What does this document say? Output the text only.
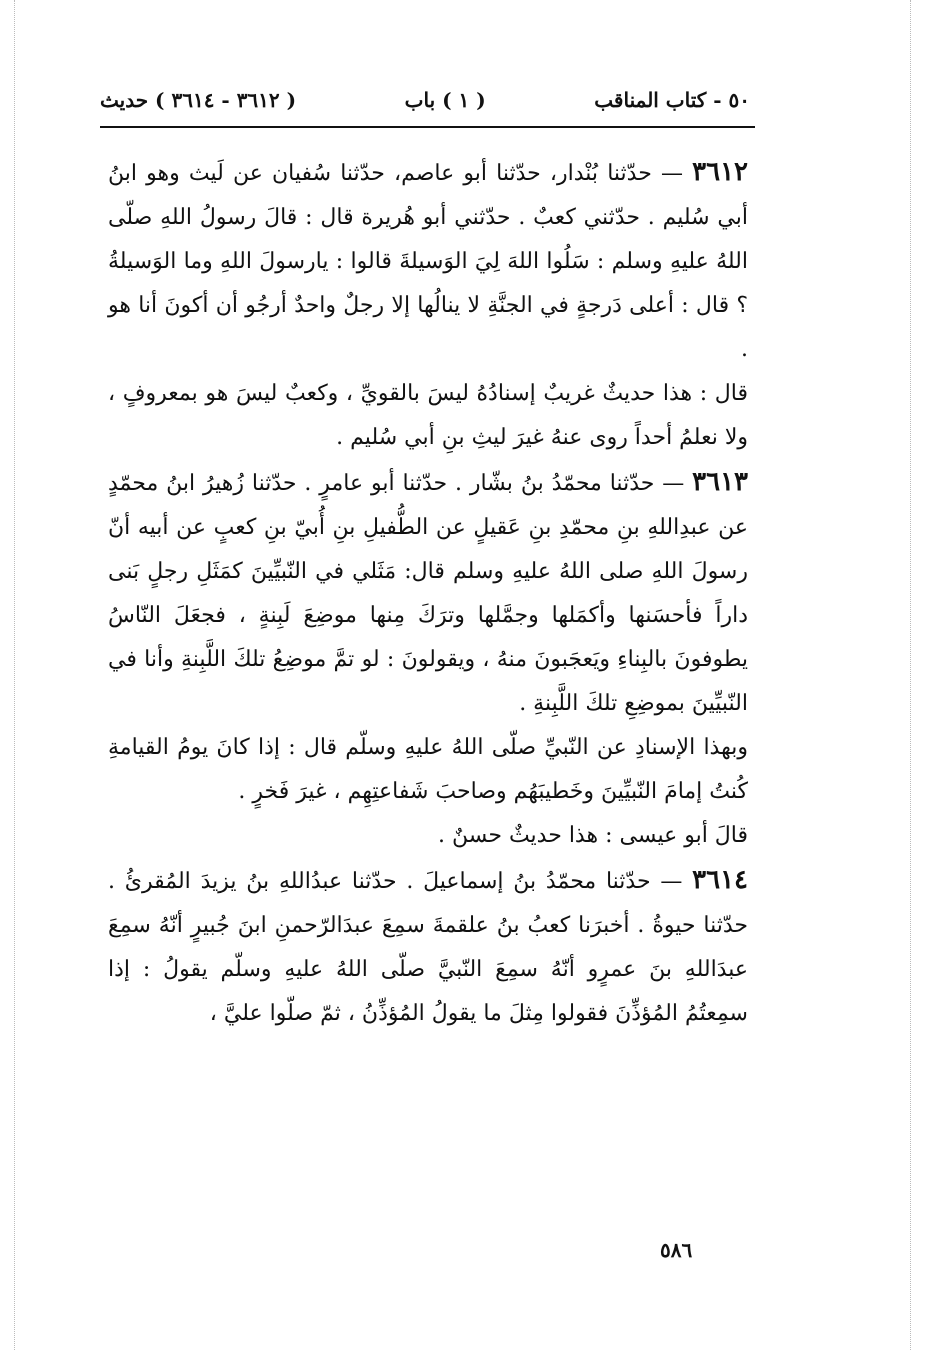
٥٠ - كتاب المناقب
( ١ ) باب
( ٣٦١٢ - ٣٦١٤ ) حديث

٣٦١٢ — حدّثنا بُنْدار، حدّثنا أبو عاصم، حدّثنا سُفيان عن لَيث وهو ابنُ أبي سُليم . حدّثني كعبٌ . حدّثني أبو هُريرة قال : قالَ رسولُ اللهِ صلّى اللهُ عليهِ وسلم : سَلُوا اللهَ لِيَ الوَسيلةَ قالوا : يارسولَ اللهِ وما الوَسيلةُ ؟ قال : أعلى دَرجةٍ في الجنَّةِ لا ينالُها إلا رجلٌ واحدٌ أرجُو أن أكونَ أنا هو .

قال : هذا حديثٌ غريبٌ إسنادُهُ ليسَ بالقويِّ ، وكعبٌ ليسَ هو بمعروفٍ ، ولا نعلمُ أحداً روى عنهُ غيرَ ليثِ بنِ أبي سُليم .

٣٦١٣ — حدّثنا محمّدُ بنُ بشّار . حدّثنا أبو عامرٍ . حدّثنا زُهيرُ ابنُ محمّدٍ عن عبدِاللهِ بنِ محمّدِ بنِ عَقيلٍ عن الطُّفيلِ بنِ أُبيّ بنِ كعبٍ عن أبيه أنّ رسولَ اللهِ صلى اللهُ عليهِ وسلم قال: مَثَلي في النّبيِّينَ كمَثَلِ رجلٍ بَنى داراً فأحسَنها وأكمَلها وجمَّلها وترَكَ مِنها موضِعَ لَبِنةٍ ، فجعَلَ النّاسُ يطوفونَ بالبِناءِ ويَعجَبونَ منهُ ، ويقولونَ : لو تمَّ موضِعُ تلكَ اللَّبِنةِ وأنا في النّبيِّينَ بموضِعِ تلكَ اللَّبِنةِ .

وبهذا الإسنادِ عن النّبيِّ صلّى اللهُ عليهِ وسلّم قال : إذا كانَ يومُ القيامةِ كُنتُ إمامَ النّبيِّينَ وخَطيبَهُم وصاحبَ شَفاعتِهِم ، غيرَ فَخرٍ .

قالَ أبو عيسى : هذا حديثٌ حسنٌ .

٣٦١٤ — حدّثنا محمّدُ بنُ إسماعيلَ . حدّثنا عبدُاللهِ بنُ يزيدَ المُقرئُ . حدّثنا حيوةُ . أخبرَنا كعبُ بنُ علقمةَ سمِعَ عبدَالرّحمنِ ابنَ جُبيرٍ أنّهُ سمِعَ عبدَاللهِ بنَ عمرٍو أنّهُ سمِعَ النّبيَّ صلّى اللهُ عليهِ وسلّم يقولُ : إذا سمِعتُمُ المُؤذِّنَ فقولوا مِثلَ ما يقولُ المُؤذِّنُ ، ثمّ صلّوا عليَّ ،

٥٨٦
